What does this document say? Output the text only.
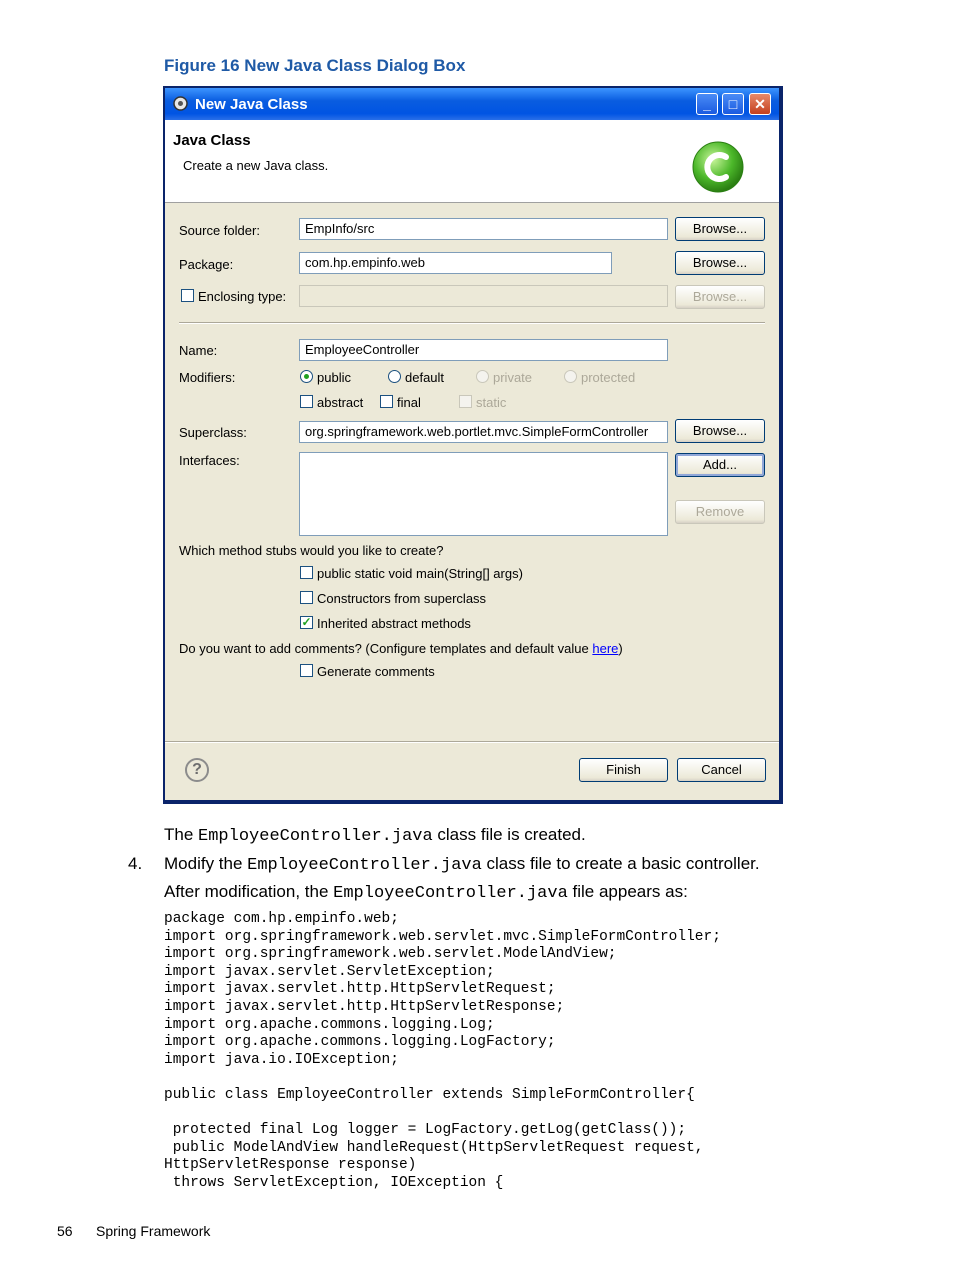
Figure 16 New Java Class Dialog Box
New Java Class	_	□	✕
Java Class
Create a new Java class.
Source folder:	EmpInfo/src	Browse...
Package:	com.hp.empinfo.web	Browse...
Enclosing type:	Browse...
Name:	EmployeeController
Modifiers:	public	default	private	protected
abstract	final	static
Superclass:	org.springframework.web.portlet.mvc.SimpleFormController	Browse...
Interfaces:	Add...
Remove
Which method stubs would you like to create?
public static void main(String[] args)
Constructors from superclass
✓ Inherited abstract methods
Do you want to add comments? (Configure templates and default value here)
Generate comments
?	Finish	Cancel
The EmployeeController.java class file is created.
4. Modify the EmployeeController.java class file to create a basic controller.
After modification, the EmployeeController.java file appears as:
package com.hp.empinfo.web;
import org.springframework.web.servlet.mvc.SimpleFormController;
import org.springframework.web.servlet.ModelAndView;
import javax.servlet.ServletException;
import javax.servlet.http.HttpServletRequest;
import javax.servlet.http.HttpServletResponse;
import org.apache.commons.logging.Log;
import org.apache.commons.logging.LogFactory;
import java.io.IOException;

public class EmployeeController extends SimpleFormController{

protected final Log logger = LogFactory.getLog(getClass());
public ModelAndView handleRequest(HttpServletRequest request,
HttpServletResponse response)
throws ServletException, IOException {
56 Spring Framework
